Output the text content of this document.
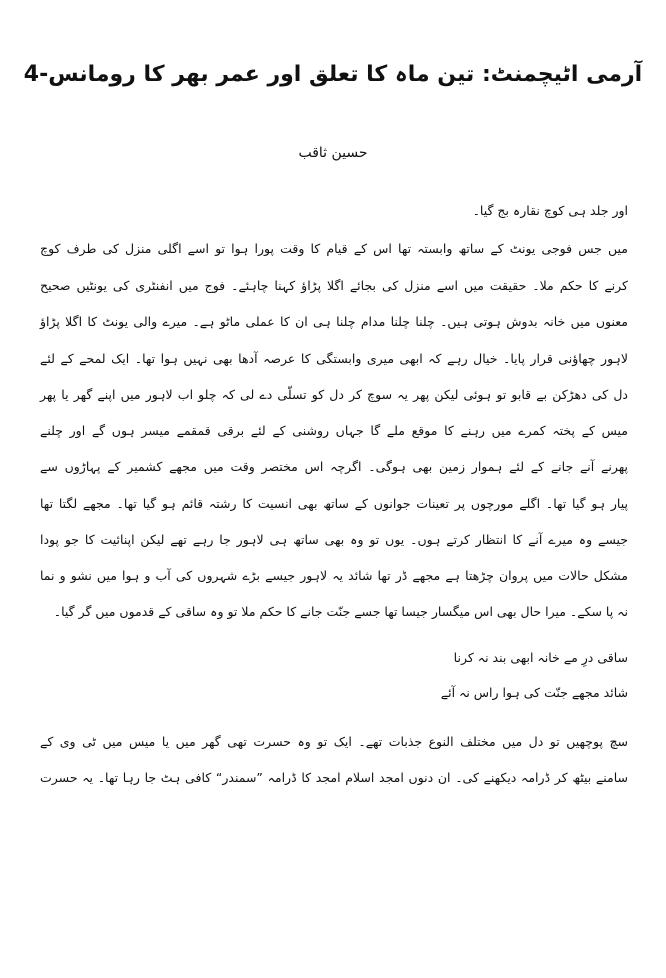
آرمی اٹیچمنٹ: تین ماہ کا تعلق اور عمر بھر کا رومانس-4
حسین ثاقب
اور جلد ہی کوچ نقارہ بج گیا۔
میں جس فوجی یونٹ کے ساتھ وابستہ تھا اس کے قیام کا وقت پورا ہوا تو اسے اگلی منزل کی طرف کوچ
کرنے کا حکم ملا۔ حقیقت میں اسے منزل کی بجائے اگلا پڑاؤ کہنا چاہئے۔ فوج میں انفنٹری کی یونٹیں صحیح
معنوں میں خانہ بدوش ہوتی ہیں۔ چلنا چلنا مدام چلنا ہی ان کا عملی ماٹو ہے۔ میرے والی یونٹ کا اگلا پڑاؤ
لاہور چھاؤنی قرار پایا۔ خیال رہے کہ ابھی میری وابستگی کا عرصہ آدھا بھی نہیں ہوا تھا۔ ایک لمحے کے لئے
دل کی دھڑکن بے قابو تو ہوئی لیکن پھر یہ سوچ کر دل کو تسلّی دے لی کہ چلو اب لاہور میں اپنے گھر یا پھر
میس کے پختہ کمرے میں رہنے کا موقع ملے گا جہاں روشنی کے لئے برقی قمقمے میسر ہوں گے اور چلنے
پھرنے آنے جانے کے لئے ہموار زمین بھی ہوگی۔ اگرچہ اس مختصر وقت میں مجھے کشمیر کے پہاڑوں سے
پیار ہو گیا تھا۔ اگلے مورچوں پر تعینات جوانوں کے ساتھ بھی انسیت کا رشتہ قائم ہو گیا تھا۔ مجھے لگتا تھا
جیسے وہ میرے آنے کا انتظار کرتے ہوں۔ یوں تو وہ بھی ساتھ ہی لاہور جا رہے تھے لیکن اپنائیت کا جو پودا
مشکل حالات میں پروان چڑھتا ہے مجھے ڈر تھا شائد یہ لاہور جیسے بڑے شہروں کی آب و ہوا میں نشو و نما
نہ پا سکے۔ میرا حال بھی اس میگسار جیسا تھا جسے جنّت جانے کا حکم ملا تو وہ ساقی کے قدموں میں گر گیا۔
ساقی درِ مے خانہ ابھی بند نہ کرنا
شائد مجھے جنّت کی ہوا راس نہ آئے
سچ پوچھیں تو دل میں مختلف النوع جذبات تھے۔ ایک تو وہ حسرت تھی گھر میں یا میس میں ٹی وی کے
سامنے بیٹھ کر ڈرامہ دیکھنے کی۔ ان دنوں امجد اسلام امجد کا ڈرامہ ”سمندر“ کافی ہٹ جا رہا تھا۔ یہ حسرت
